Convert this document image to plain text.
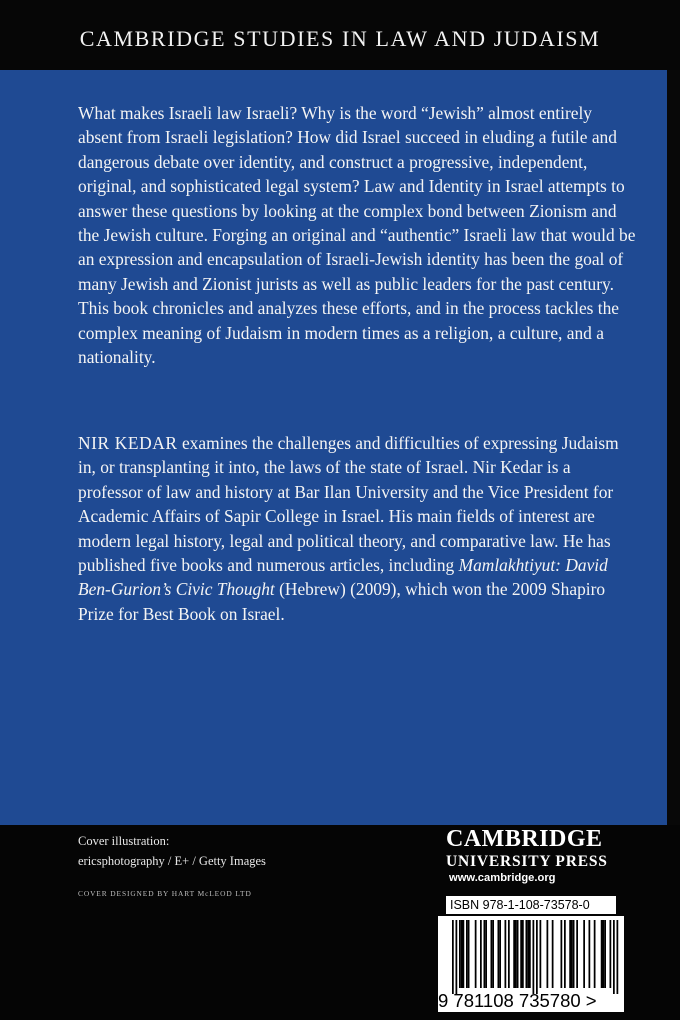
CAMBRIDGE STUDIES IN LAW AND JUDAISM

What makes Israeli law Israeli? Why is the word “Jewish” almost entirely absent from Israeli legislation? How did Israel succeed in eluding a futile and dangerous debate over identity, and construct a progressive, independent, original, and sophisticated legal system? Law and Identity in Israel attempts to answer these questions by looking at the complex bond between Zionism and the Jewish culture. Forging an original and “authentic” Israeli law that would be an expression and encapsulation of Israeli-Jewish identity has been the goal of many Jewish and Zionist jurists as well as public leaders for the past century. This book chronicles and analyzes these efforts, and in the process tackles the complex meaning of Judaism in modern times as a religion, a culture, and a nationality.

NIR KEDAR examines the challenges and difficulties of expressing Judaism in, or transplanting it into, the laws of the state of Israel. Nir Kedar is a professor of law and history at Bar Ilan University and the Vice President for Academic Affairs of Sapir College in Israel. His main fields of interest are modern legal history, legal and political theory, and comparative law. He has published five books and numerous articles, including Mamlakhtiyut: David Ben-Gurion’s Civic Thought (Hebrew) (2009), which won the 2009 Shapiro Prize for Best Book on Israel.

Cover illustration:
ericsphotography / E+ / Getty Images
COVER DESIGNED BY HART McLEOD LTD
CAMBRIDGE
UNIVERSITY PRESS
www.cambridge.org
ISBN 978-1-108-73578-0
9 781108 735780 >
